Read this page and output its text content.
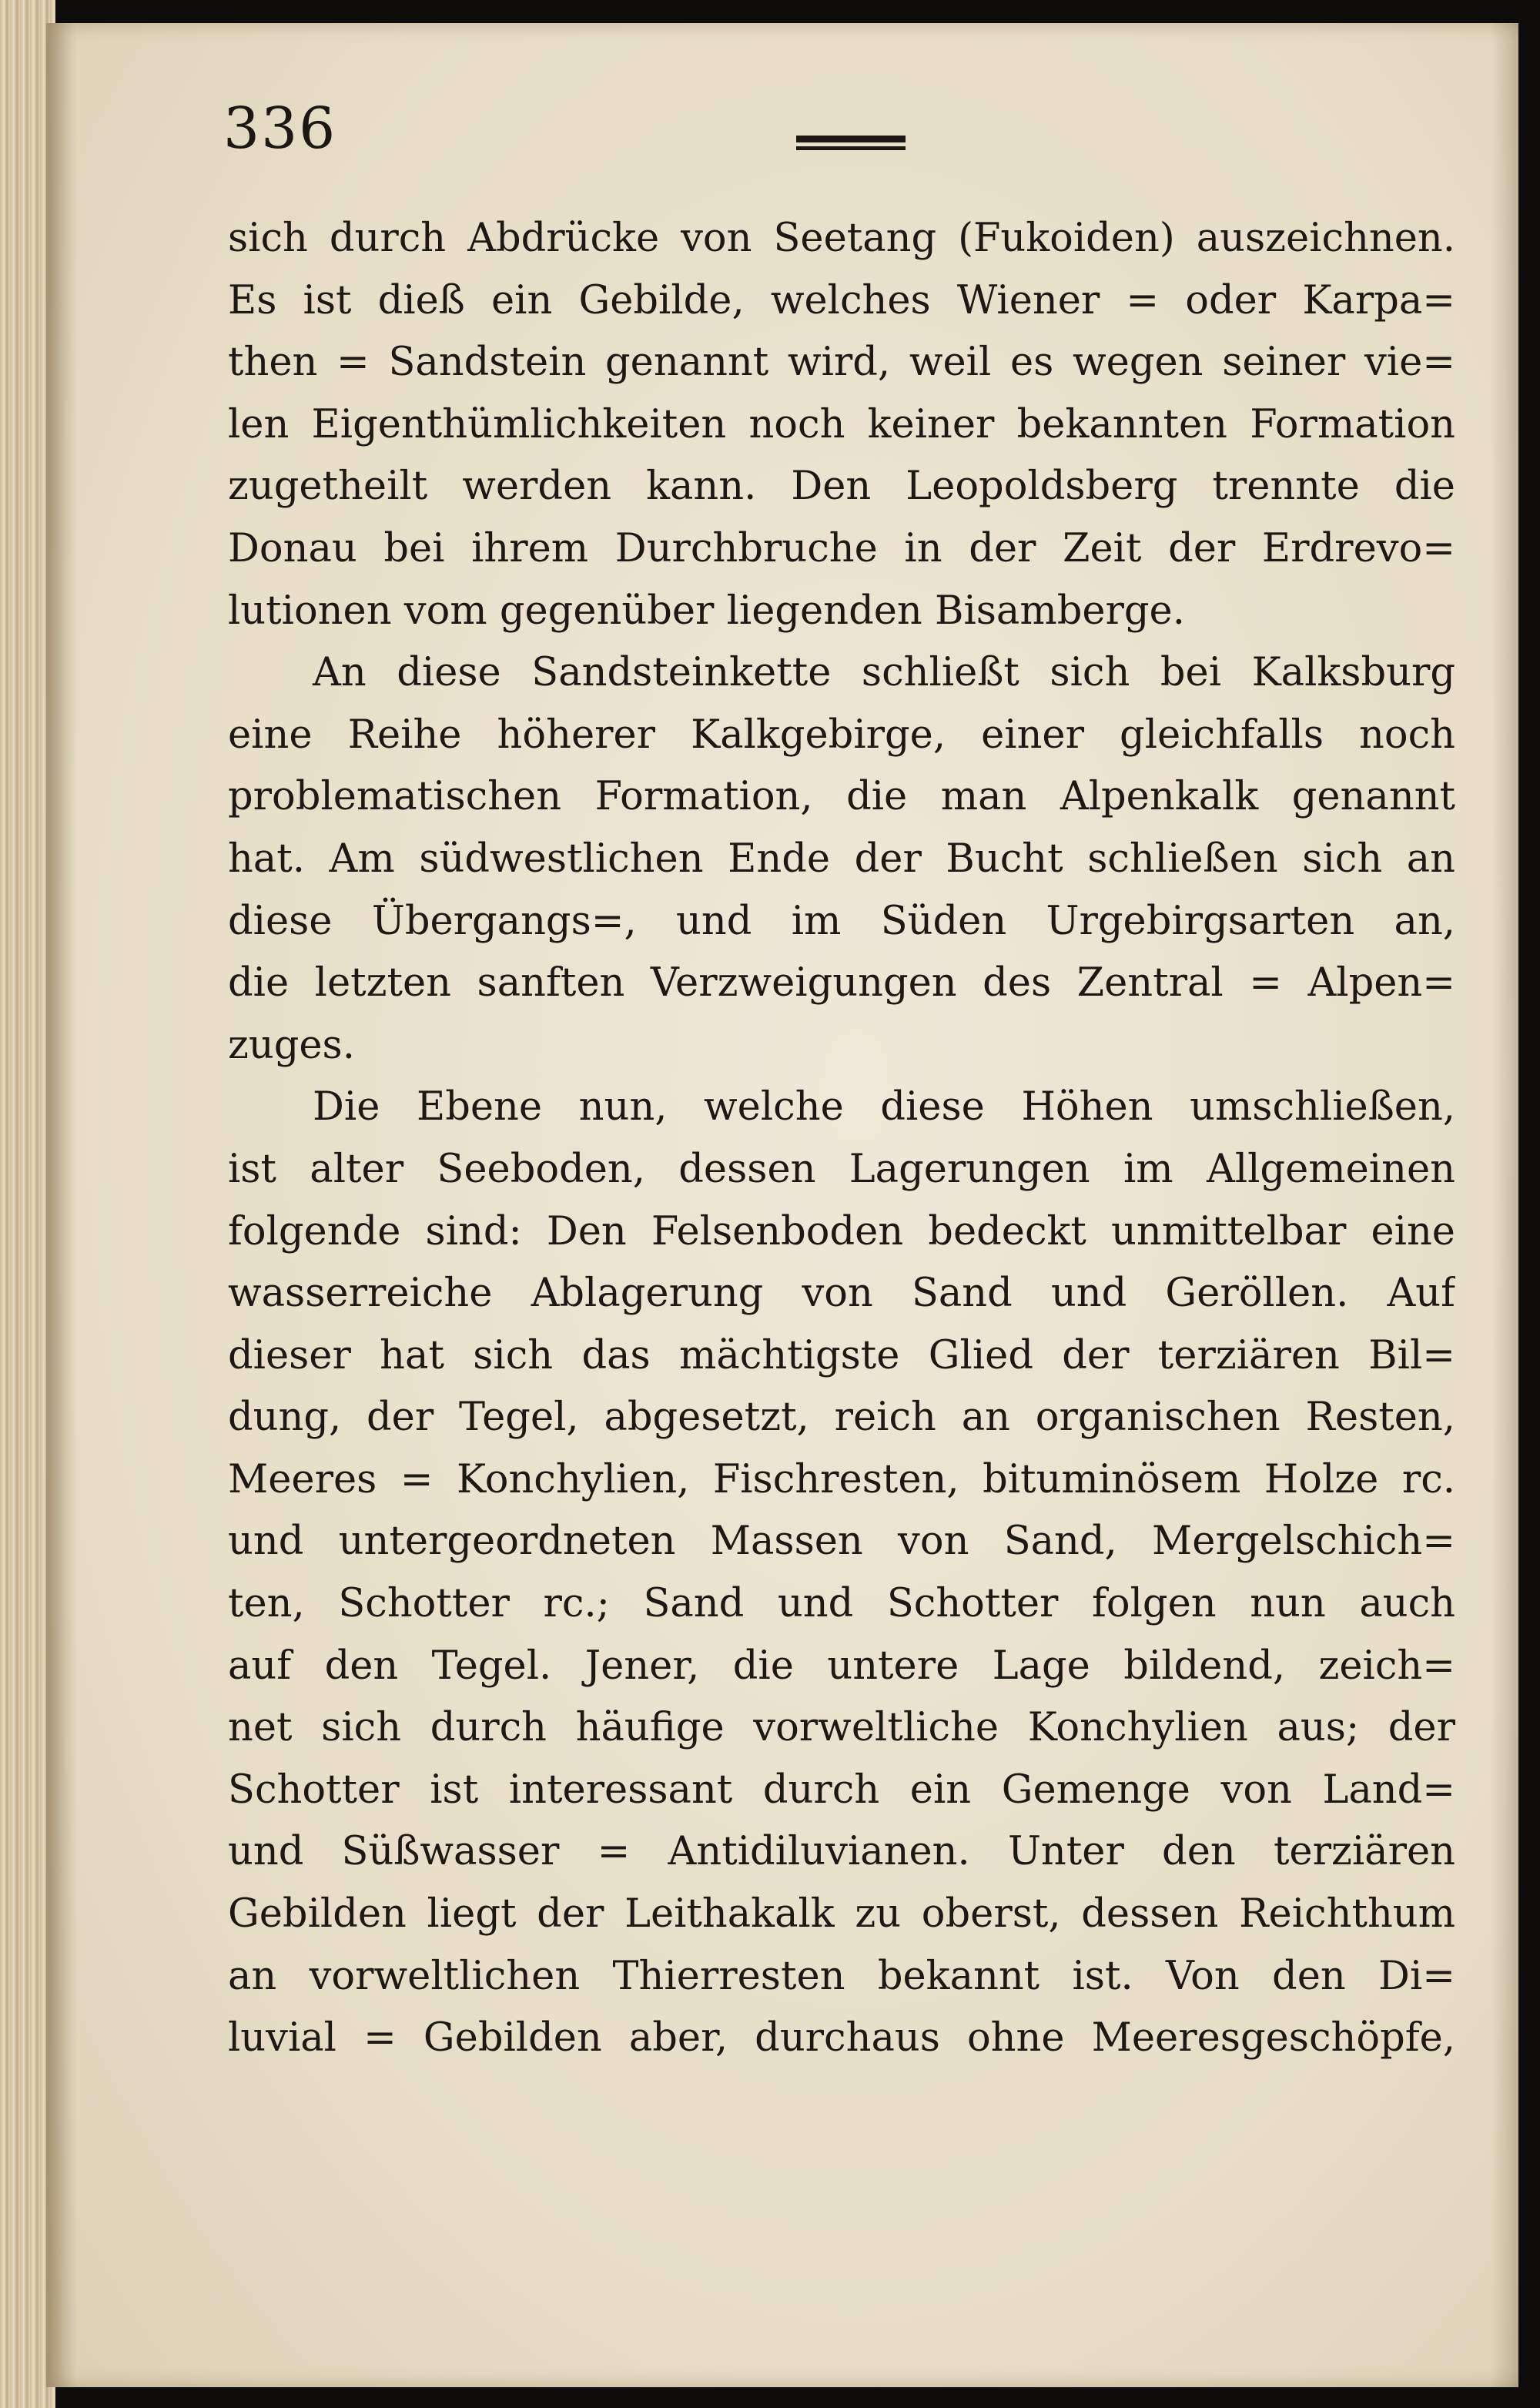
336
sich durch Abdrücke von Seetang (Fukoiden) auszeichnen.
Es ist dieß ein Gebilde, welches Wiener = oder Karpa=
then = Sandstein genannt wird, weil es wegen seiner vie=
len Eigenthümlichkeiten noch keiner bekannten Formation
zugetheilt werden kann. Den Leopoldsberg trennte die
Donau bei ihrem Durchbruche in der Zeit der Erdrevo=
lutionen vom gegenüber liegenden Bisamberge.
An diese Sandsteinkette schließt sich bei Kalksburg
eine Reihe höherer Kalkgebirge, einer gleichfalls noch
problematischen Formation, die man Alpenkalk genannt
hat. Am südwestlichen Ende der Bucht schließen sich an
diese Übergangs=, und im Süden Urgebirgsarten an,
die letzten sanften Verzweigungen des Zentral = Alpen=
zuges.
Die Ebene nun, welche diese Höhen umschließen,
ist alter Seeboden, dessen Lagerungen im Allgemeinen
folgende sind: Den Felsenboden bedeckt unmittelbar eine
wasserreiche Ablagerung von Sand und Geröllen. Auf
dieser hat sich das mächtigste Glied der terziären Bil=
dung, der Tegel, abgesetzt, reich an organischen Resten,
Meeres = Konchylien, Fischresten, bituminösem Holze rc.
und untergeordneten Massen von Sand, Mergelschich=
ten, Schotter rc.; Sand und Schotter folgen nun auch
auf den Tegel. Jener, die untere Lage bildend, zeich=
net sich durch häufige vorweltliche Konchylien aus; der
Schotter ist interessant durch ein Gemenge von Land=
und Süßwasser = Antidiluvianen. Unter den terziären
Gebilden liegt der Leithakalk zu oberst, dessen Reichthum
an vorweltlichen Thierresten bekannt ist. Von den Di=
luvial = Gebilden aber, durchaus ohne Meeresgeschöpfe,
